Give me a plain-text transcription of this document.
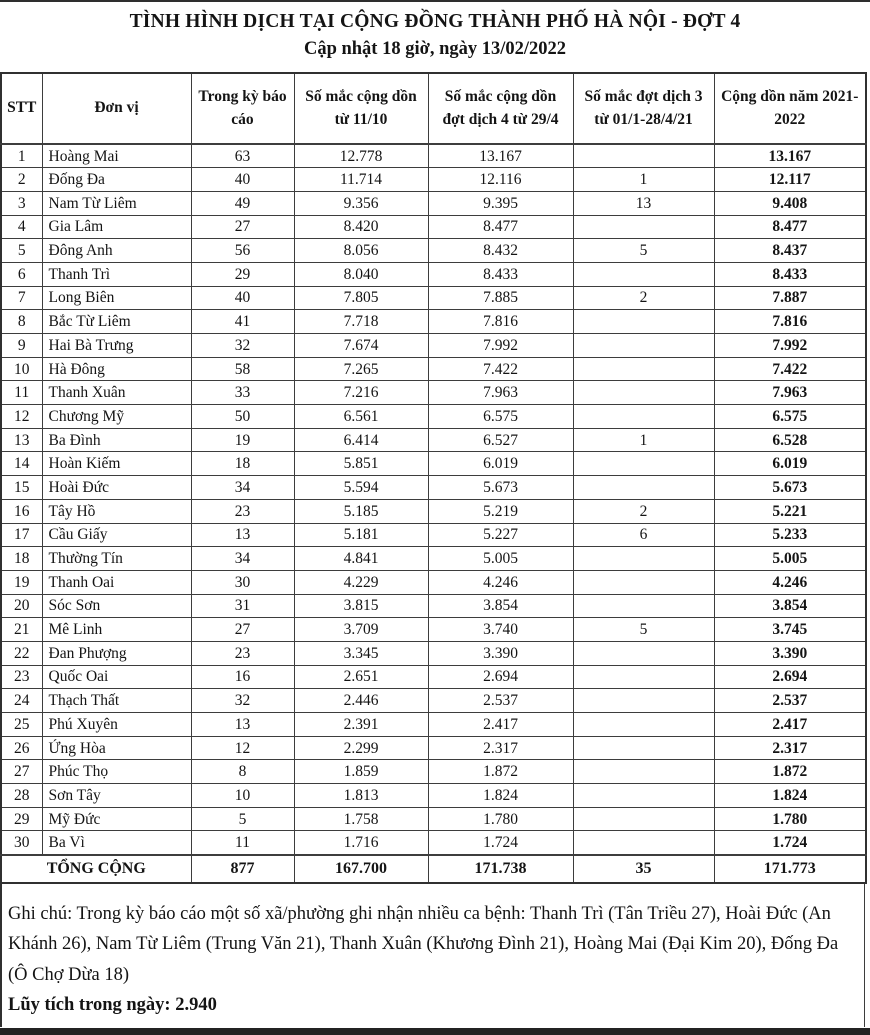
TÌNH HÌNH DỊCH TẠI CỘNG ĐỒNG THÀNH PHỐ HÀ NỘI - ĐỢT 4
Cập nhật 18 giờ, ngày 13/02/2022
STT	Đơn vị	Trong kỳ báo cáo	Số mắc cộng dồn từ 11/10	Số mắc cộng dồn đợt dịch 4 từ 29/4	Số mắc đợt dịch 3 từ 01/1-28/4/21	Cộng dồn năm 2021-2022
1	Hoàng Mai	63	12.778	13.167		13.167
2	Đống Đa	40	11.714	12.116	1	12.117
3	Nam Từ Liêm	49	9.356	9.395	13	9.408
4	Gia Lâm	27	8.420	8.477		8.477
5	Đông Anh	56	8.056	8.432	5	8.437
6	Thanh Trì	29	8.040	8.433		8.433
7	Long Biên	40	7.805	7.885	2	7.887
8	Bắc Từ Liêm	41	7.718	7.816		7.816
9	Hai Bà Trưng	32	7.674	7.992		7.992
10	Hà Đông	58	7.265	7.422		7.422
11	Thanh Xuân	33	7.216	7.963		7.963
12	Chương Mỹ	50	6.561	6.575		6.575
13	Ba Đình	19	6.414	6.527	1	6.528
14	Hoàn Kiếm	18	5.851	6.019		6.019
15	Hoài Đức	34	5.594	5.673		5.673
16	Tây Hồ	23	5.185	5.219	2	5.221
17	Cầu Giấy	13	5.181	5.227	6	5.233
18	Thường Tín	34	4.841	5.005		5.005
19	Thanh Oai	30	4.229	4.246		4.246
20	Sóc Sơn	31	3.815	3.854		3.854
21	Mê Linh	27	3.709	3.740	5	3.745
22	Đan Phượng	23	3.345	3.390		3.390
23	Quốc Oai	16	2.651	2.694		2.694
24	Thạch Thất	32	2.446	2.537		2.537
25	Phú Xuyên	13	2.391	2.417		2.417
26	Ứng Hòa	12	2.299	2.317		2.317
27	Phúc Thọ	8	1.859	1.872		1.872
28	Sơn Tây	10	1.813	1.824		1.824
29	Mỹ Đức	5	1.758	1.780		1.780
30	Ba Vì	11	1.716	1.724		1.724
TỔNG CỘNG		877	167.700	171.738	35	171.773
Ghi chú: Trong kỳ báo cáo một số xã/phường ghi nhận nhiều ca bệnh: Thanh Trì (Tân Triều 27), Hoài Đức (An Khánh 26), Nam Từ Liêm (Trung Văn 21), Thanh Xuân (Khương Đình 21), Hoàng Mai (Đại Kim 20), Đống Đa (Ô Chợ Dừa 18)
Lũy tích trong ngày: 2.940
